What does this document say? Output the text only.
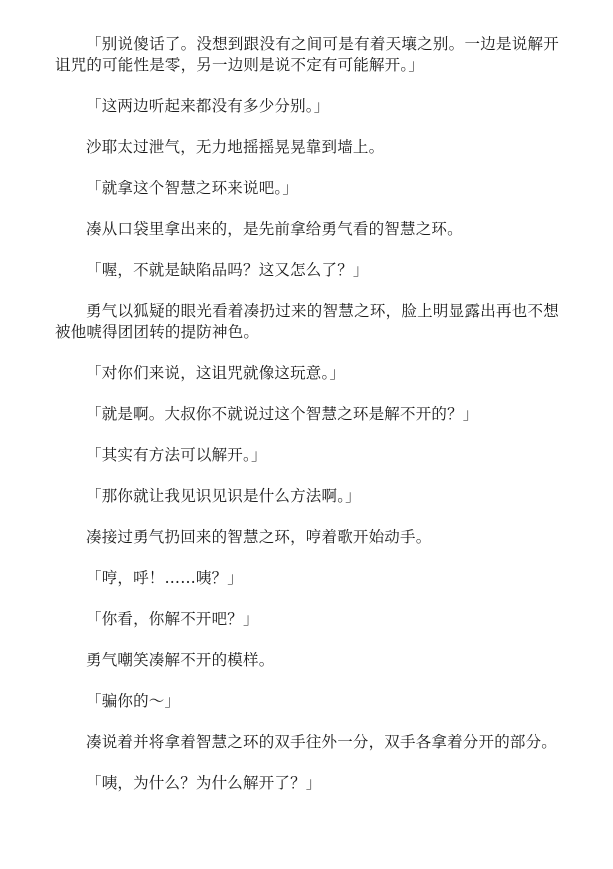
「别说傻话了。没想到跟没有之间可是有着天壤之别。一边是说解开诅咒的可能性是零，另一边则是说不定有可能解开。」

「这两边听起来都没有多少分别。」

沙耶太过泄气，无力地摇摇晃晃靠到墙上。

「就拿这个智慧之环来说吧。」

凑从口袋里拿出来的，是先前拿给勇气看的智慧之环。

「喔，不就是缺陷品吗？这又怎么了？」

勇气以狐疑的眼光看着凑扔过来的智慧之环，脸上明显露出再也不想被他唬得团团转的提防神色。

「对你们来说，这诅咒就像这玩意。」

「就是啊。大叔你不就说过这个智慧之环是解不开的？」

「其实有方法可以解开。」

「那你就让我见识见识是什么方法啊。」

凑接过勇气扔回来的智慧之环，哼着歌开始动手。

「哼，呼！……咦？」

「你看，你解不开吧？」

勇气嘲笑凑解不开的模样。

「骗你的～」

凑说着并将拿着智慧之环的双手往外一分，双手各拿着分开的部分。

「咦，为什么？为什么解开了？」
